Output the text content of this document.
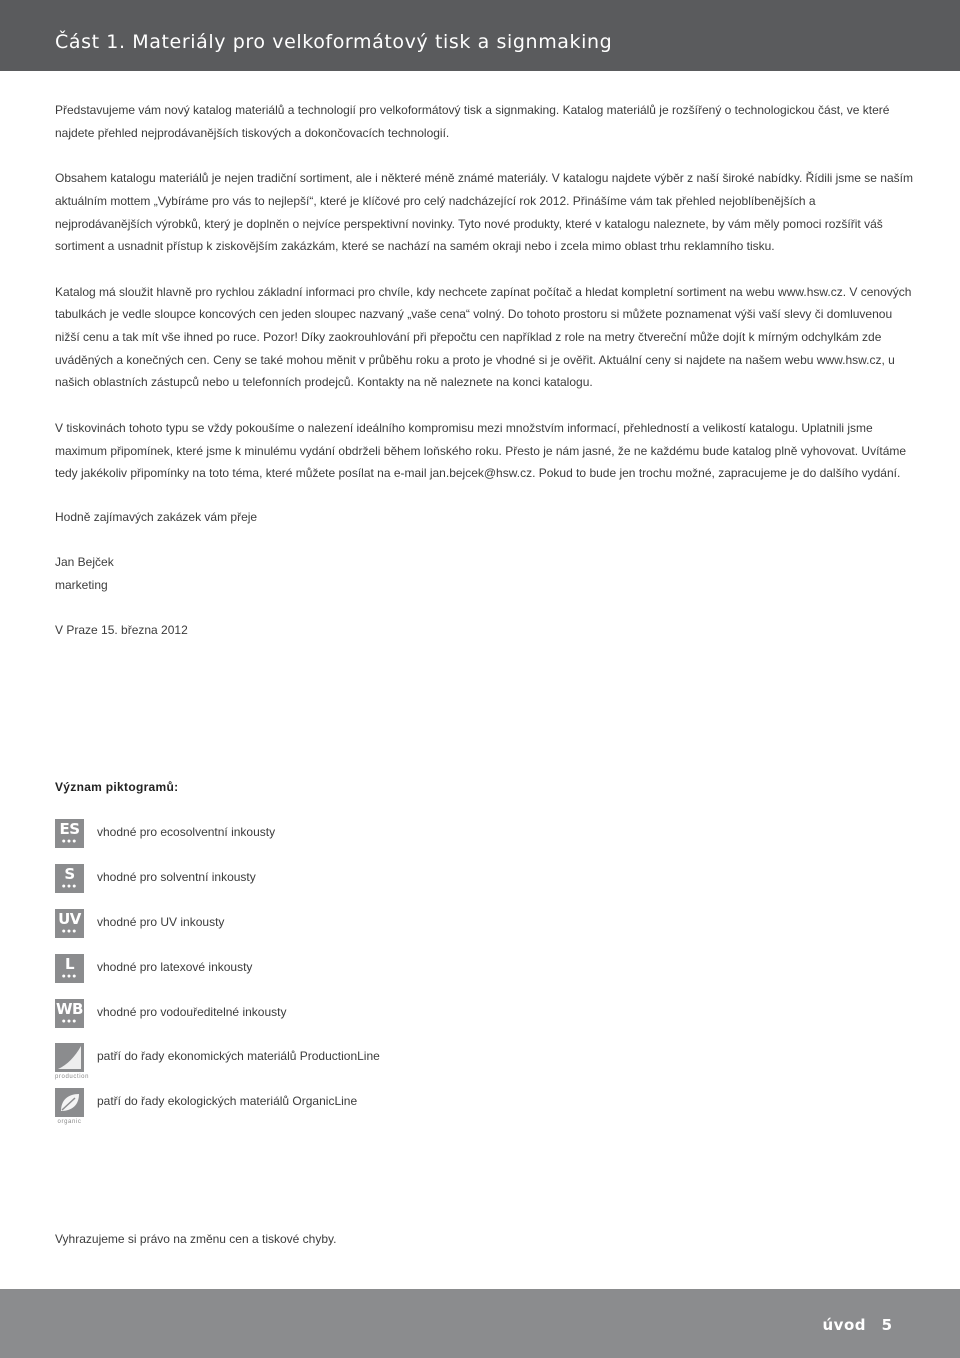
Část 1. Materiály pro velkoformátový tisk a signmaking

Představujeme vám nový katalog materiálů a technologií pro velkoformátový tisk a signmaking. Katalog materiálů je rozšířený o technologickou část, ve které najdete přehled nejprodávanějších tiskových a dokončovacích technologií.

Obsahem katalogu materiálů je nejen tradiční sortiment, ale i některé méně známé materiály. V katalogu najdete výběr z naší široké nabídky. Řídili jsme se naším aktuálním mottem „Vybíráme pro vás to nejlepší“, které je klíčové pro celý nadcházející rok 2012. Přinášíme vám tak přehled nejoblíbenějších a nejprodávanějších výrobků, který je doplněn o nejvíce perspektivní novinky. Tyto nové produkty, které v katalogu naleznete, by vám měly pomoci rozšířit váš sortiment a usnadnit přístup k ziskovějším zakázkám, které se nachází na samém okraji nebo i zcela mimo oblast trhu reklamního tisku.

Katalog má sloužit hlavně pro rychlou základní informaci pro chvíle, kdy nechcete zapínat počítač a hledat kompletní sortiment na webu www.hsw.cz. V cenových tabulkách je vedle sloupce koncových cen jeden sloupec nazvaný „vaše cena“ volný. Do tohoto prostoru si můžete poznamenat výši vaší slevy či domluvenou nižší cenu a tak mít vše ihned po ruce. Pozor! Díky zaokrouhlování při přepočtu cen například z role na metry čtvereční může dojít k mírným odchylkám zde uváděných a konečných cen. Ceny se také mohou měnit v průběhu roku a proto je vhodné si je ověřit. Aktuální ceny si najdete na našem webu www.hsw.cz, u našich oblastních zástupců nebo u telefonních prodejců. Kontakty na ně naleznete na konci katalogu.

V tiskovinách tohoto typu se vždy pokoušíme o nalezení ideálního kompromisu mezi množstvím informací, přehledností a velikostí katalogu. Uplatnili jsme maximum připomínek, které jsme k minulému vydání obdrželi během loňského roku. Přesto je nám jasné, že ne každému bude katalog plně vyhovovat. Uvítáme tedy jakékoliv připomínky na toto téma, které můžete posílat na e-mail jan.bejcek@hsw.cz. Pokud to bude jen trochu možné, zapracujeme je do dalšího vydání.

Hodně zajímavých zakázek vám přeje
Jan Bejček
marketing
V Praze 15. března 2012
Význam piktogramů:
ES
●●●
vhodné pro ecosolventní inkousty
S
●●●
vhodné pro solventní inkousty
UV
●●●
vhodné pro UV inkousty
L
●●●
vhodné pro latexové inkousty
WB
●●●
vhodné pro vodouředitelné inkousty
production
patří do řady ekonomických materiálů ProductionLine
organic
patří do řady ekologických materiálů OrganicLine

Vyhrazujeme si právo na změnu cen a tiskové chyby.

úvod 5
